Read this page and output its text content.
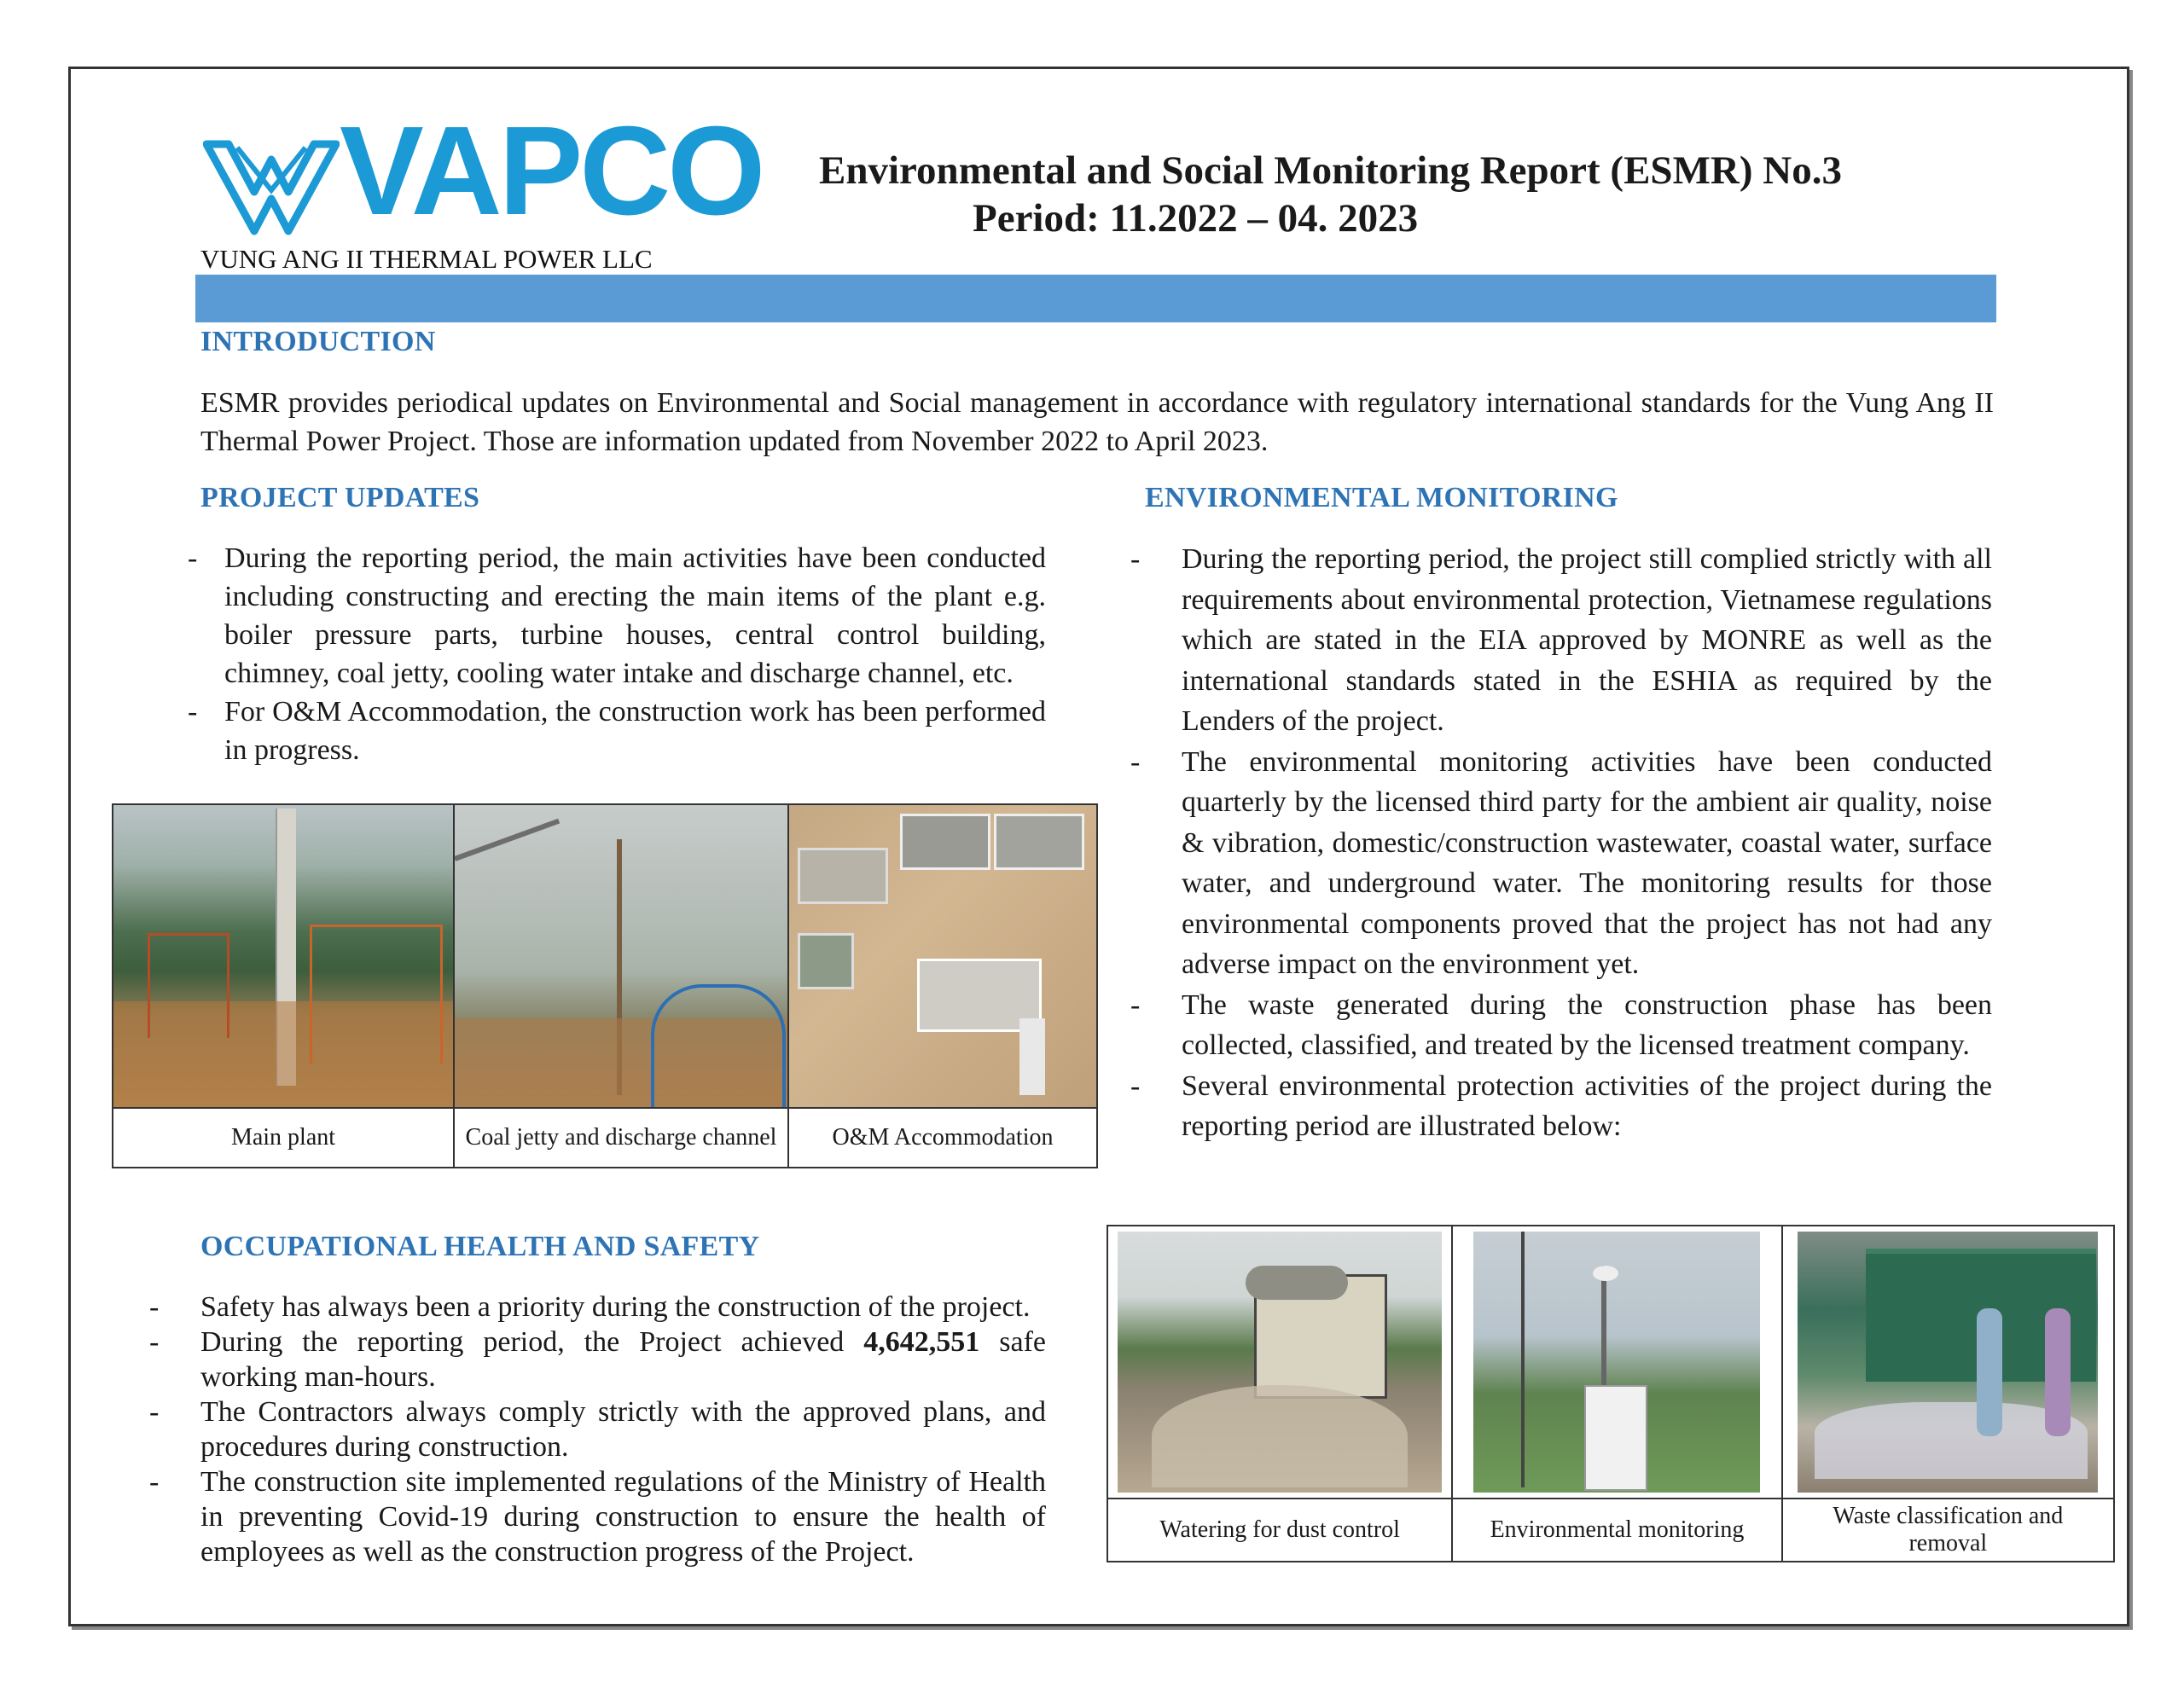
VAPCO
VUNG ANG II THERMAL POWER LLC
Environmental and Social Monitoring Report (ESMR) No.3
Period: 11.2022 – 04. 2023
INTRODUCTION
ESMR provides periodical updates on Environmental and Social management in accordance with regulatory international standards for the Vung Ang II Thermal Power Project. Those are information updated from November 2022 to April 2023.
PROJECT UPDATES
- During the reporting period, the main activities have been conducted including constructing and erecting the main items of the plant e.g. boiler pressure parts, turbine houses, central control building, chimney, coal jetty, cooling water intake and discharge channel, etc.
- For O&M Accommodation, the construction work has been performed in progress.

Main plant	Coal jetty and discharge channel	O&M Accommodation
ENVIRONMENTAL MONITORING
- During the reporting period, the project still complied strictly with all requirements about environmental protection, Vietnamese regulations which are stated in the EIA approved by MONRE as well as the international standards stated in the ESHIA as required by the Lenders of the project.
- The environmental monitoring activities have been conducted quarterly by the licensed third party for the ambient air quality, noise & vibration, domestic/construction wastewater, coastal water, surface water, and underground water. The monitoring results for those environmental components proved that the project has not had any adverse impact on the environment yet.
- The waste generated during the construction phase has been collected, classified, and treated by the licensed treatment company.
- Several environmental protection activities of the project during the reporting period are illustrated below:

Watering for dust control	Environmental monitoring	Waste classification and removal
OCCUPATIONAL HEALTH AND SAFETY
- Safety has always been a priority during the construction of the project.
- During the reporting period, the Project achieved 4,642,551 safe working man-hours.
- The Contractors always comply strictly with the approved plans, and procedures during construction.
- The construction site implemented regulations of the Ministry of Health in preventing Covid-19 during construction to ensure the health of employees as well as the construction progress of the Project.
